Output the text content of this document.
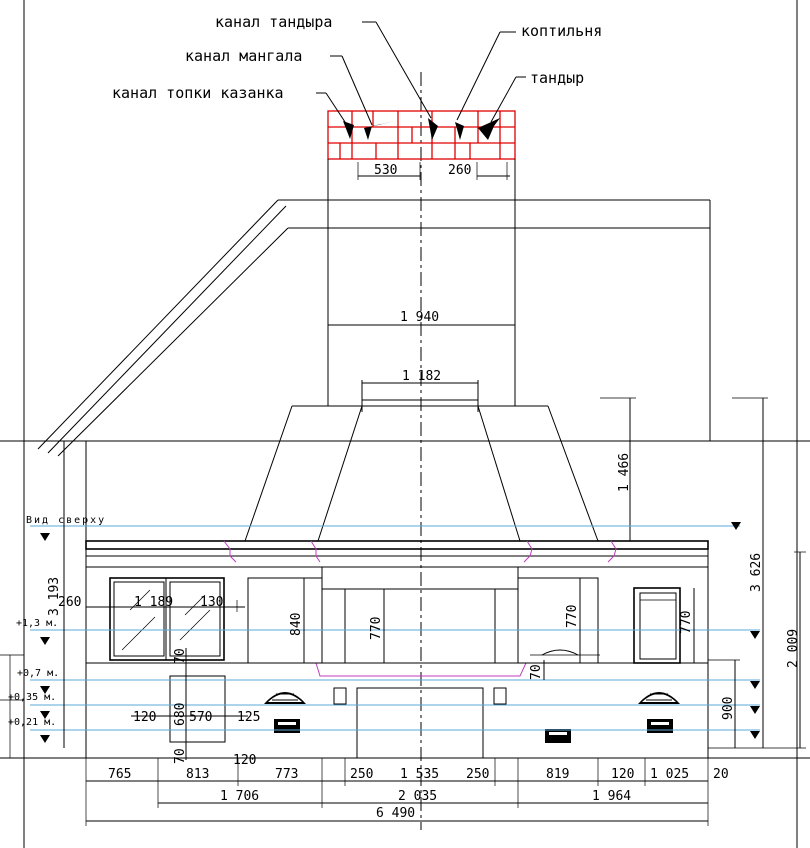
530	260
канал тандыра	коптильня
канал мангала
тандыр
канал топки казанка
1 940
1 182
1 466
Вид сверху
+1,3 м.
+0,7 м.
+0,35 м.
+0,21 м.
3 626
2 009
900
3 193
260	1 189 130
840	770
770	770
70
70
70
120 680 570 125
120
765	813	773	250 1 535 250	819	120 1 025 20
1 706	2 035	1 964
6 490
